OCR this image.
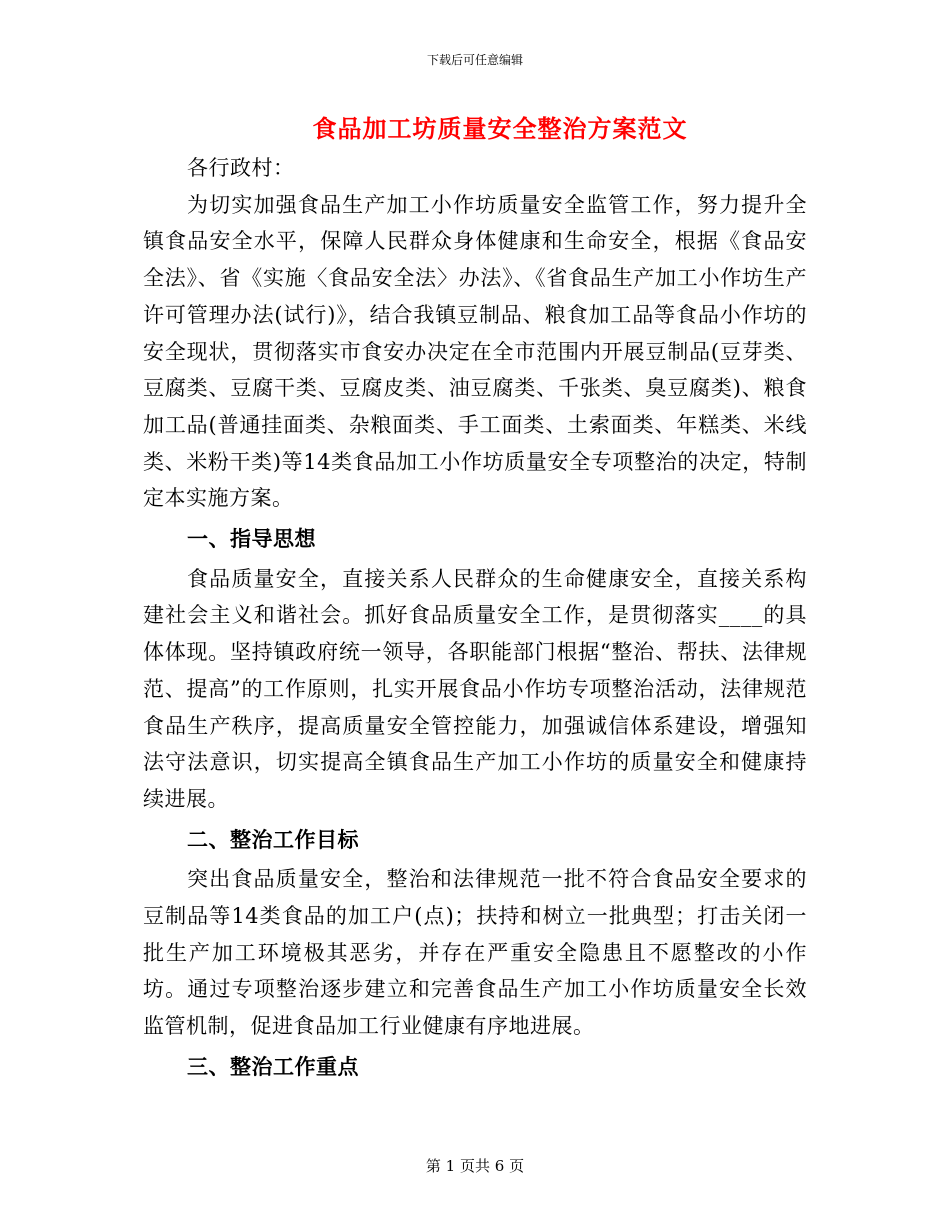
下载后可任意编辑
食品加工坊质量安全整治方案范文

各行政村：

为切实加强食品生产加工小作坊质量安全监管工作，努力提升全镇食品安全水平，保障人民群众身体健康和生命安全，根据《食品安全法》、省《实施〈食品安全法〉办法》、《省食品生产加工小作坊生产许可管理办法(试行)》，结合我镇豆制品、粮食加工品等食品小作坊的安全现状，贯彻落实市食安办决定在全市范围内开展豆制品(豆芽类、豆腐类、豆腐干类、豆腐皮类、油豆腐类、千张类、臭豆腐类)、粮食加工品(普通挂面类、杂粮面类、手工面类、土索面类、年糕类、米线类、米粉干类)等14类食品加工小作坊质量安全专项整治的决定，特制定本实施方案。

一、指导思想

食品质量安全，直接关系人民群众的生命健康安全，直接关系构建社会主义和谐社会。抓好食品质量安全工作，是贯彻落实____的具体体现。坚持镇政府统一领导，各职能部门根据“整治、帮扶、法律规范、提高”的工作原则，扎实开展食品小作坊专项整治活动，法律规范食品生产秩序，提高质量安全管控能力，加强诚信体系建设，增强知法守法意识，切实提高全镇食品生产加工小作坊的质量安全和健康持续进展。

二、整治工作目标

突出食品质量安全，整治和法律规范一批不符合食品安全要求的豆制品等14类食品的加工户(点)；扶持和树立一批典型；打击关闭一批生产加工环境极其恶劣，并存在严重安全隐患且不愿整改的小作坊。通过专项整治逐步建立和完善食品生产加工小作坊质量安全长效监管机制，促进食品加工行业健康有序地进展。

三、整治工作重点

第 1 页共 6 页
